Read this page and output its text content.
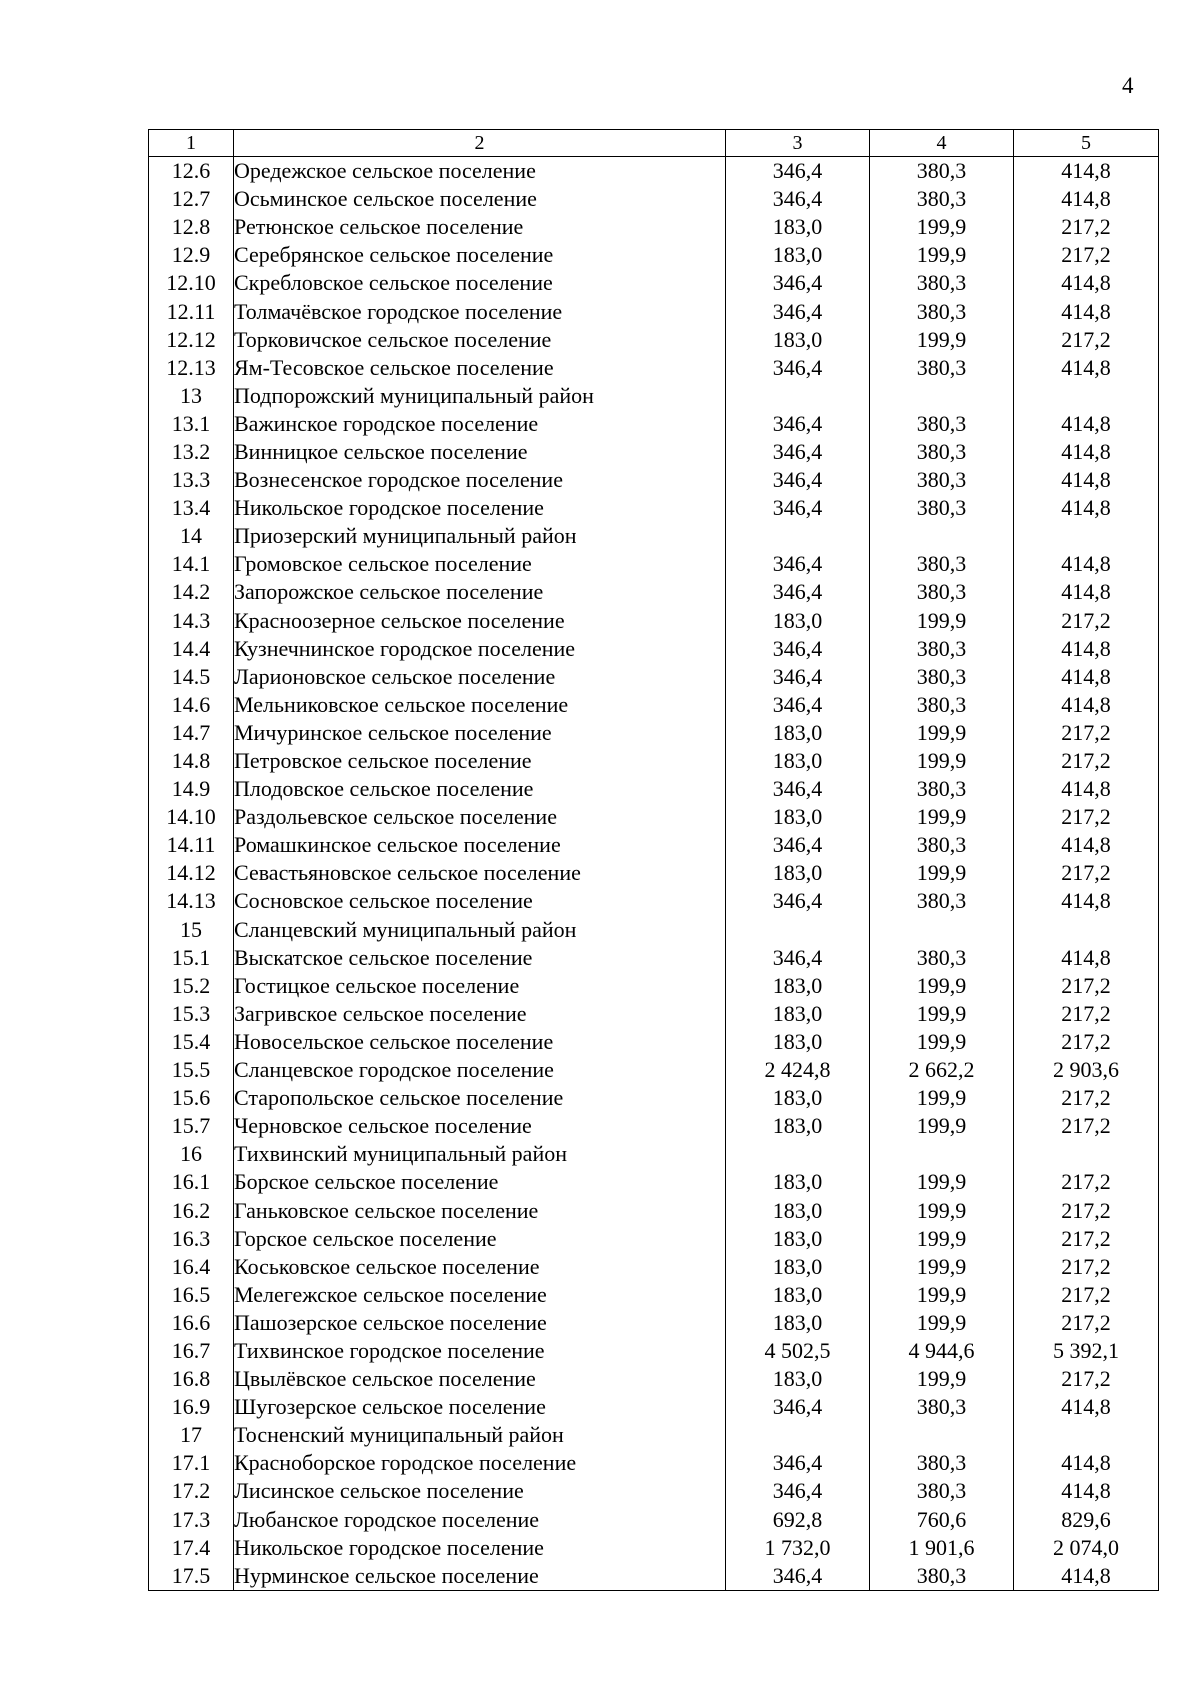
4
1	2	3	4	5
12.6	Оредежское сельское поселение	346,4	380,3	414,8
12.7	Осьминское сельское поселение	346,4	380,3	414,8
12.8	Ретюнское сельское поселение	183,0	199,9	217,2
12.9	Серебрянское сельское поселение	183,0	199,9	217,2
12.10	Скребловское сельское поселение	346,4	380,3	414,8
12.11	Толмачёвское городское поселение	346,4	380,3	414,8
12.12	Торковичское сельское поселение	183,0	199,9	217,2
12.13	Ям-Тесовское сельское поселение	346,4	380,3	414,8
13	Подпорожский муниципальный район			
13.1	Важинское городское поселение	346,4	380,3	414,8
13.2	Винницкое сельское поселение	346,4	380,3	414,8
13.3	Вознесенское городское поселение	346,4	380,3	414,8
13.4	Никольское городское поселение	346,4	380,3	414,8
14	Приозерский муниципальный район			
14.1	Громовское сельское поселение	346,4	380,3	414,8
14.2	Запорожское сельское поселение	346,4	380,3	414,8
14.3	Красноозерное сельское поселение	183,0	199,9	217,2
14.4	Кузнечнинское городское поселение	346,4	380,3	414,8
14.5	Ларионовское сельское поселение	346,4	380,3	414,8
14.6	Мельниковское сельское поселение	346,4	380,3	414,8
14.7	Мичуринское сельское поселение	183,0	199,9	217,2
14.8	Петровское сельское поселение	183,0	199,9	217,2
14.9	Плодовское сельское поселение	346,4	380,3	414,8
14.10	Раздольевское сельское поселение	183,0	199,9	217,2
14.11	Ромашкинское сельское поселение	346,4	380,3	414,8
14.12	Севастьяновское сельское поселение	183,0	199,9	217,2
14.13	Сосновское сельское поселение	346,4	380,3	414,8
15	Сланцевский муниципальный район			
15.1	Выскатское сельское поселение	346,4	380,3	414,8
15.2	Гостицкое сельское поселение	183,0	199,9	217,2
15.3	Загривское сельское поселение	183,0	199,9	217,2
15.4	Новосельское сельское поселение	183,0	199,9	217,2
15.5	Сланцевское городское поселение	2 424,8	2 662,2	2 903,6
15.6	Старопольское сельское поселение	183,0	199,9	217,2
15.7	Черновское сельское поселение	183,0	199,9	217,2
16	Тихвинский муниципальный район			
16.1	Борское сельское поселение	183,0	199,9	217,2
16.2	Ганьковское сельское поселение	183,0	199,9	217,2
16.3	Горское сельское поселение	183,0	199,9	217,2
16.4	Коськовское сельское поселение	183,0	199,9	217,2
16.5	Мелегежское сельское поселение	183,0	199,9	217,2
16.6	Пашозерское сельское поселение	183,0	199,9	217,2
16.7	Тихвинское городское поселение	4 502,5	4 944,6	5 392,1
16.8	Цвылёвское сельское поселение	183,0	199,9	217,2
16.9	Шугозерское сельское поселение	346,4	380,3	414,8
17	Тосненский муниципальный район			
17.1	Красноборское городское поселение	346,4	380,3	414,8
17.2	Лисинское сельское поселение	346,4	380,3	414,8
17.3	Любанское городское поселение	692,8	760,6	829,6
17.4	Никольское городское поселение	1 732,0	1 901,6	2 074,0
17.5	Нурминское сельское поселение	346,4	380,3	414,8
